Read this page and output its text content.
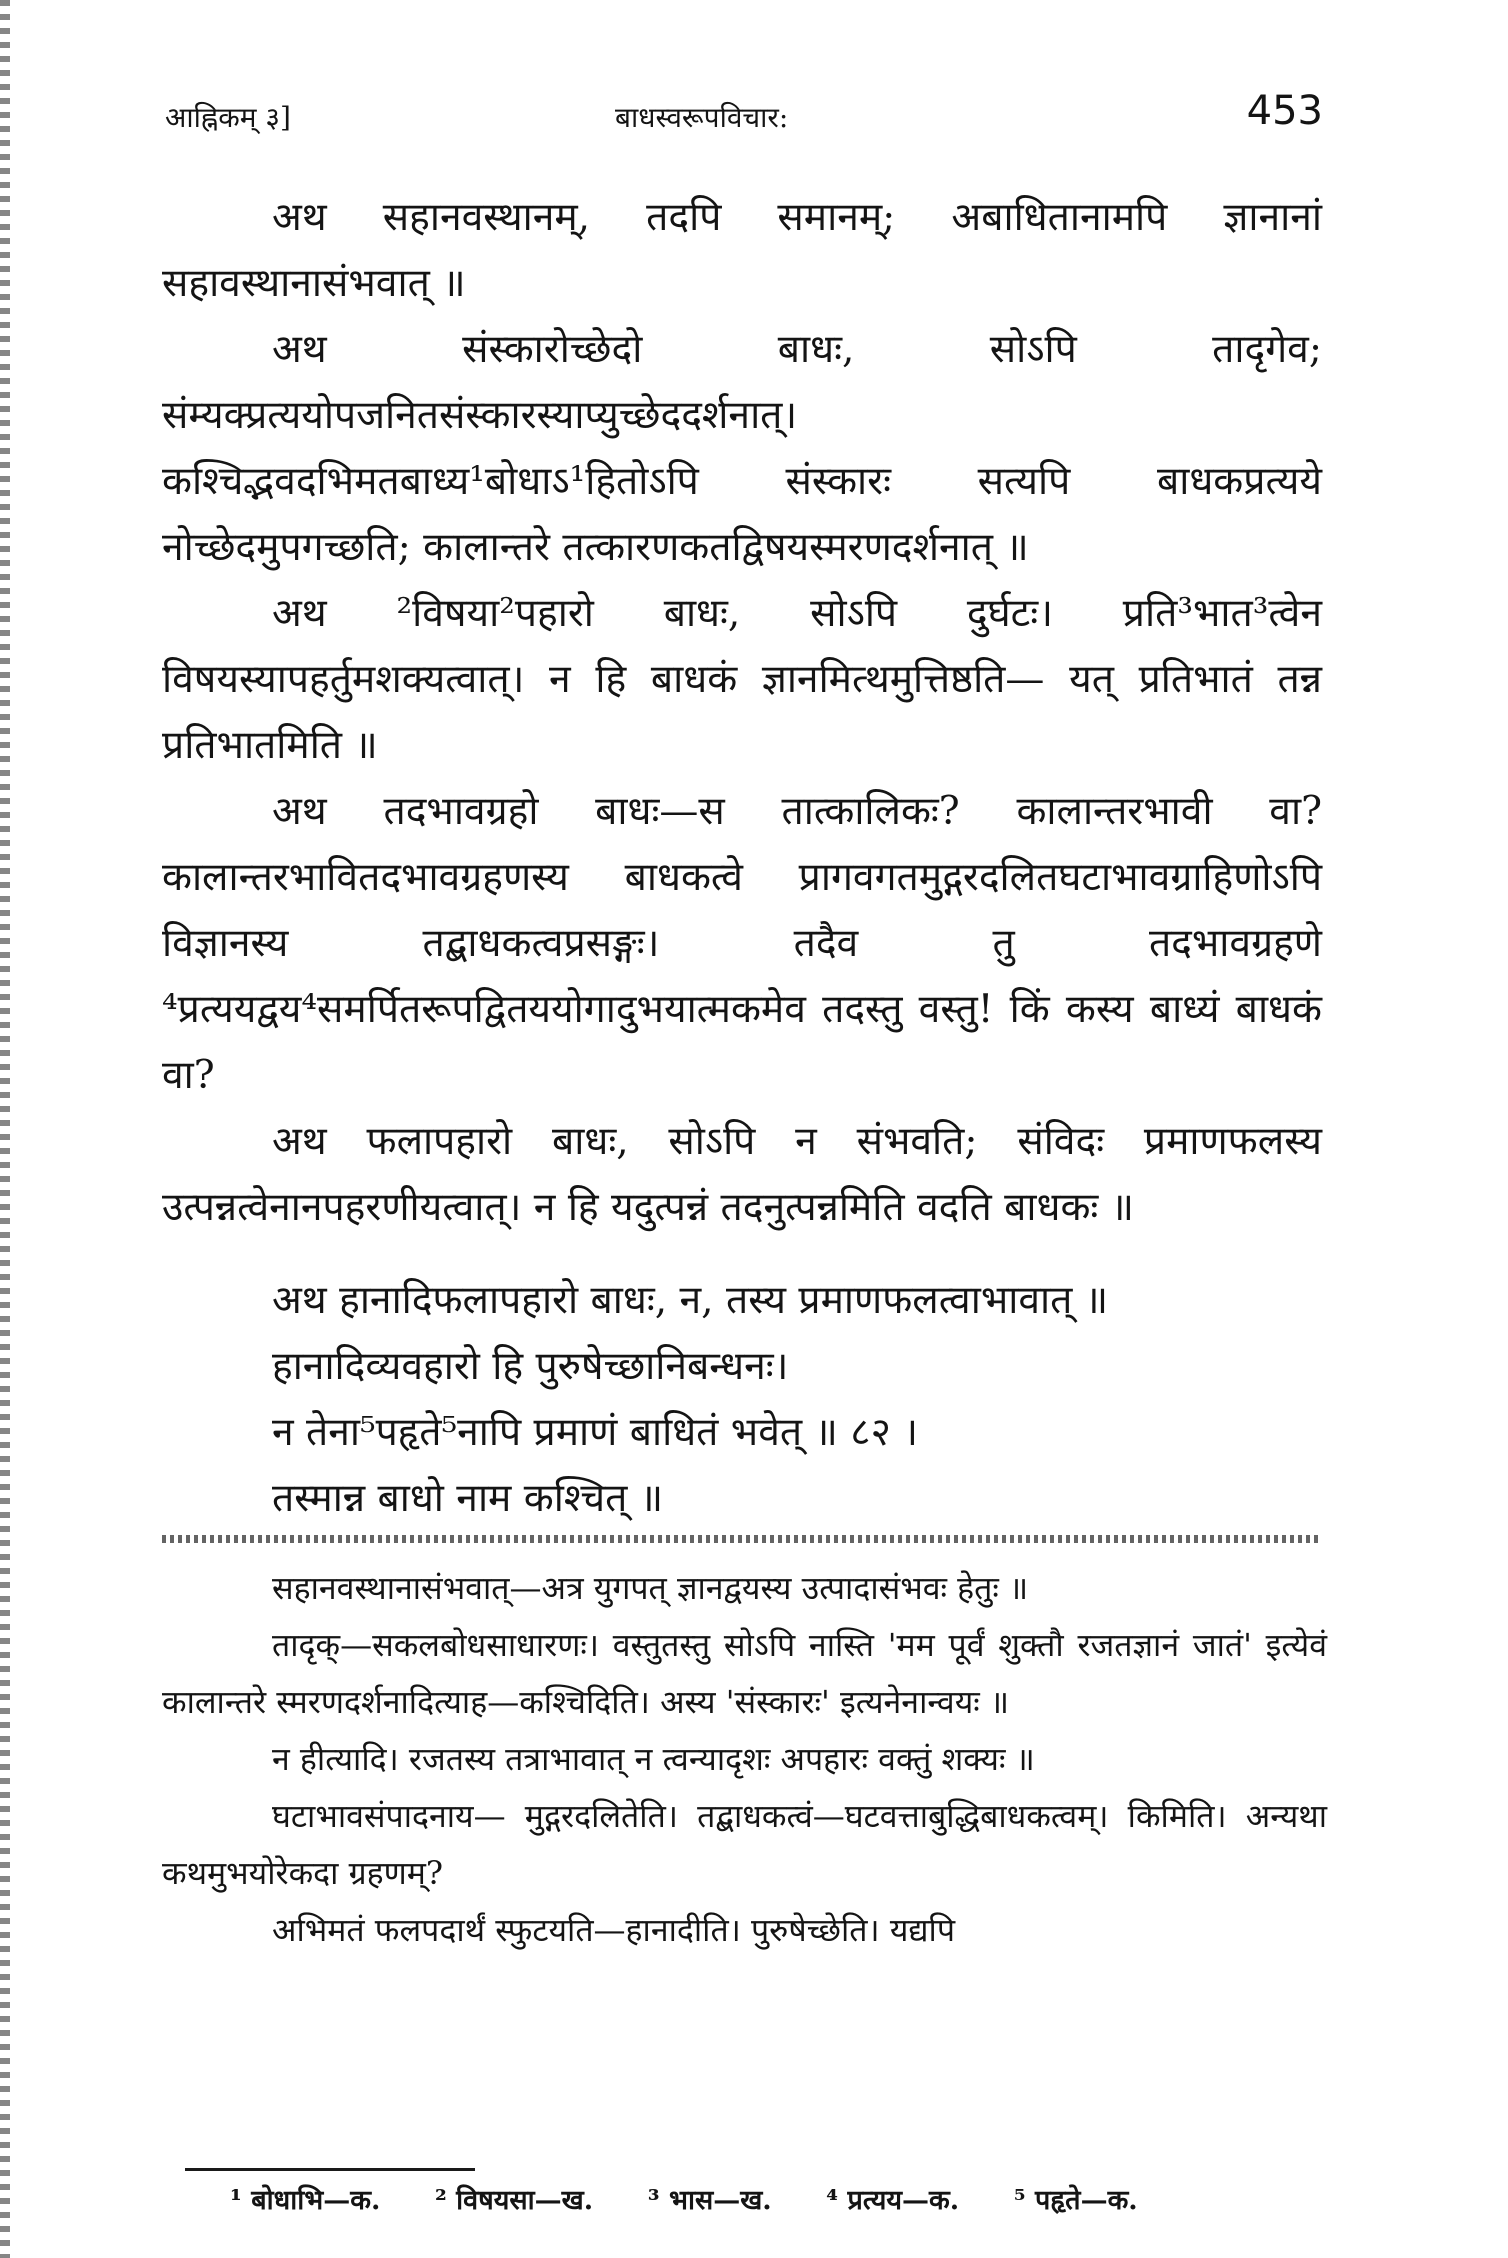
आह्निकम् ३]	बाधस्वरूपविचार:	453

अथ सहानवस्थानम्, तदपि समानम्; अबाधितानामपि ज्ञानानां सहावस्थानासंभवात् ॥

अथ संस्कारोच्छेदो बाधः, सोऽपि तादृगेव; संम्यक्प्रत्ययोपजनितसंस्कारस्याप्युच्छेददर्शनात्। कश्चिद्भवदभिमतबाध्य¹बोधाऽ¹हितोऽपि संस्कारः सत्यपि बाधकप्रत्यये नोच्छेदमुपगच्छति; कालान्तरे तत्कारणकतद्विषयस्मरणदर्शनात् ॥

अथ ²विषया²पहारो बाधः, सोऽपि दुर्घटः। प्रति³भात³त्वेन विषयस्यापहर्तुमशक्यत्वात्। न हि बाधकं ज्ञानमित्थमुत्तिष्ठति— यत् प्रतिभातं तन्न प्रतिभातमिति ॥

अथ तदभावग्रहो बाधः—स तात्कालिकः? कालान्तरभावी वा? कालान्तरभावितदभावग्रहणस्य बाधकत्वे प्रागवगतमुद्गरदलितघटाभावग्राहिणोऽपि विज्ञानस्य तद्बाधकत्वप्रसङ्गः। तदैव तु तदभावग्रहणे ⁴प्रत्ययद्वय⁴समर्पितरूपद्वितययोगादुभयात्मकमेव तदस्तु वस्तु! किं कस्य बाध्यं बाधकं वा?

अथ फलापहारो बाधः, सोऽपि न संभवति; संविदः प्रमाणफलस्य उत्पन्नत्वेनानपहरणीयत्वात्। न हि यदुत्पन्नं तदनुत्पन्नमिति वदति बाधकः ॥

अथ हानादिफलापहारो बाधः, न, तस्य प्रमाणफलत्वाभावात् ॥
हानादिव्यवहारो हि पुरुषेच्छानिबन्धनः।
न तेना⁵पहृते⁵नापि प्रमाणं बाधितं भवेत् ॥ ८२ ।
तस्मान्न बाधो नाम कश्चित् ॥

सहानवस्थानासंभवात्—अत्र युगपत् ज्ञानद्वयस्य उत्पादासंभवः हेतुः ॥

तादृक्—सकलबोधसाधारणः। वस्तुतस्तु सोऽपि नास्ति 'मम पूर्वं शुक्तौ रजतज्ञानं जातं' इत्येवं कालान्तरे स्मरणदर्शनादित्याह—कश्चिदिति। अस्य 'संस्कारः' इत्यनेनान्वयः ॥

न हीत्यादि। रजतस्य तत्राभावात् न त्वन्यादृशः अपहारः वक्तुं शक्यः ॥

घटाभावसंपादनाय— मुद्गरदलितेति। तद्बाधकत्वं—घटवत्ताबुद्धिबाधकत्वम्। किमिति। अन्यथा कथमुभयोरेकदा ग्रहणम्?

अभिमतं फलपदार्थं स्फुटयति—हानादीति। पुरुषेच्छेति। यद्यपि

¹ बोधाभि—क. ² विषयसा—ख. ³ भास—ख. ⁴ प्रत्यय—क. ⁵ पहृते—क.
